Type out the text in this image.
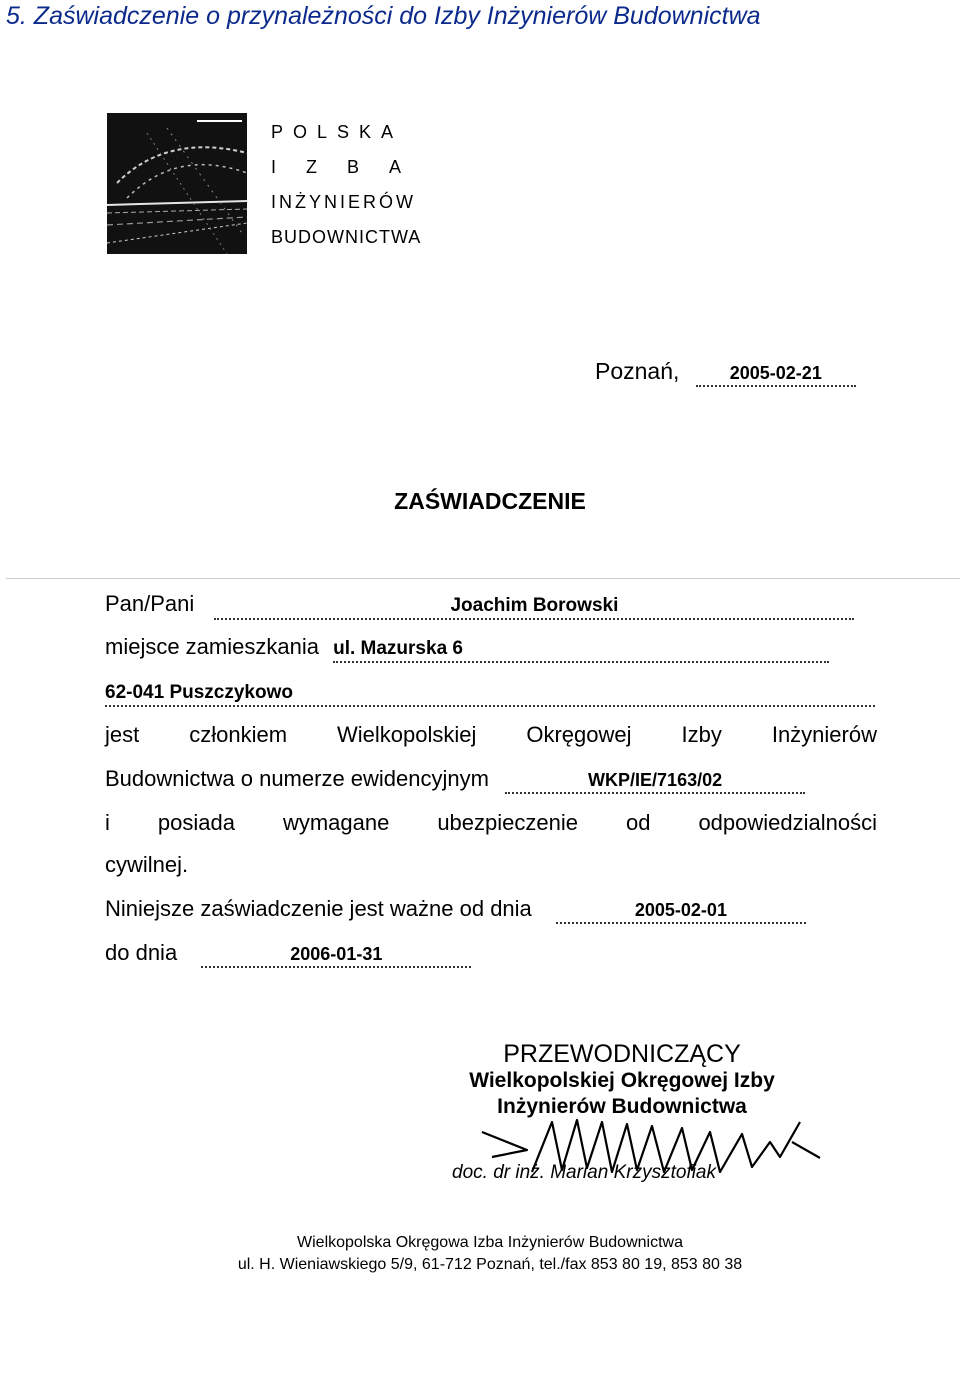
5. Zaświadczenie o przynależności do Izby Inżynierów Budownictwa
POLSKA
IZBA
INŻYNIERÓW
BUDOWNICTWA
Poznań,	2005-02-21
ZAŚWIADCZENIE
Pan/Pani	Joachim Borowski
miejsce zamieszkania ul. Mazurska 6
62-041 Puszczykowo
jest członkiem Wielkopolskiej Okręgowej Izby Inżynierów
Budownictwa o numerze ewidencyjnym	WKP/IE/7163/02
i posiada wymagane ubezpieczenie od odpowiedzialności
cywilnej.
Niniejsze zaświadczenie jest ważne od dnia	2005-02-01
do dnia	2006-01-31
PRZEWODNICZĄCY
Wielkopolskiej Okręgowej Izby
Inżynierów Budownictwa
doc. dr inż. Marian Krzysztofiak
Wielkopolska Okręgowa Izba Inżynierów Budownictwa
ul. H. Wieniawskiego 5/9, 61-712 Poznań, tel./fax 853 80 19, 853 80 38
